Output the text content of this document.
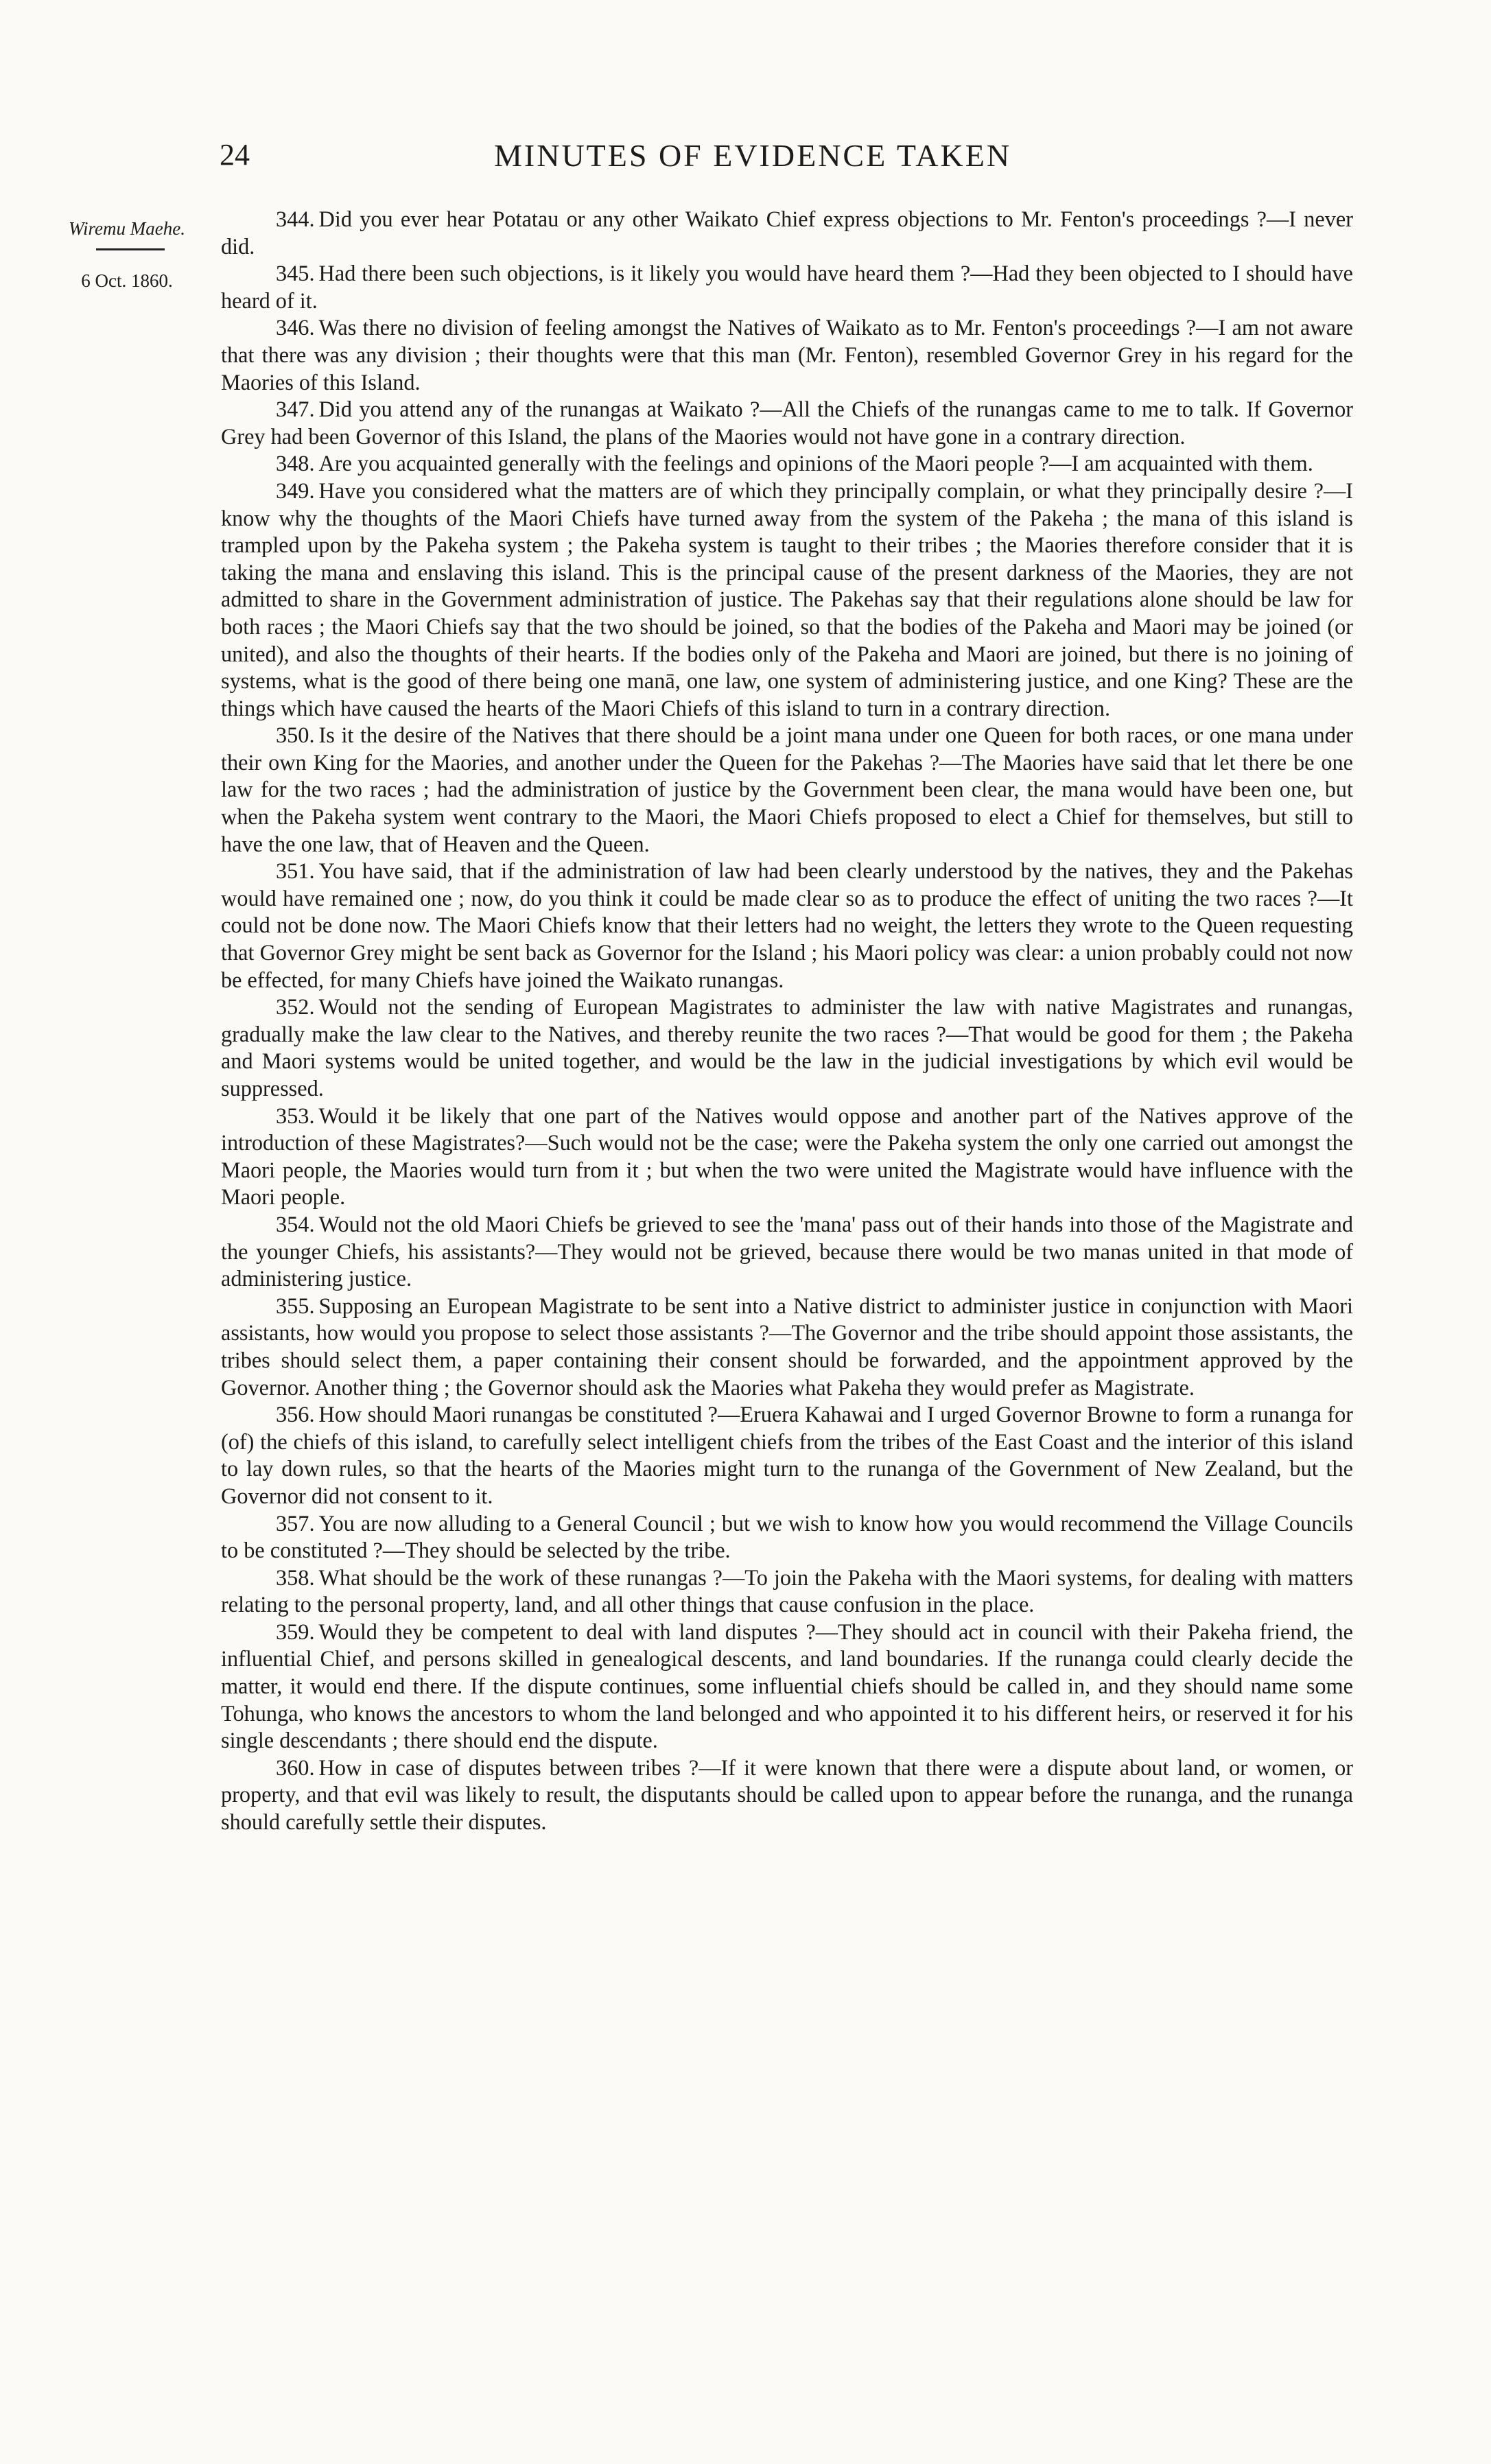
24	MINUTES OF EVIDENCE TAKEN
Wiremu Maehe.
6 Oct. 1860.

344. Did you ever hear Potatau or any other Waikato Chief express objections to Mr. Fenton's proceedings ?—I never did.

345. Had there been such objections, is it likely you would have heard them ?—Had they been objected to I should have heard of it.

346. Was there no division of feeling amongst the Natives of Waikato as to Mr. Fenton's proceedings ?—I am not aware that there was any division ; their thoughts were that this man (Mr. Fenton), resembled Governor Grey in his regard for the Maories of this Island.

347. Did you attend any of the runangas at Waikato ?—All the Chiefs of the runangas came to me to talk. If Governor Grey had been Governor of this Island, the plans of the Maories would not have gone in a contrary direction.

348. Are you acquainted generally with the feelings and opinions of the Maori people ?—I am acquainted with them.

349. Have you considered what the matters are of which they principally complain, or what they principally desire ?—I know why the thoughts of the Maori Chiefs have turned away from the system of the Pakeha ; the mana of this island is trampled upon by the Pakeha system ; the Pakeha system is taught to their tribes ; the Maories therefore consider that it is taking the mana and enslaving this island. This is the principal cause of the present darkness of the Maories, they are not admitted to share in the Government administration of justice. The Pakehas say that their regulations alone should be law for both races ; the Maori Chiefs say that the two should be joined, so that the bodies of the Pakeha and Maori may be joined (or united), and also the thoughts of their hearts. If the bodies only of the Pakeha and Maori are joined, but there is no joining of systems, what is the good of there being one manā, one law, one system of administering justice, and one King? These are the things which have caused the hearts of the Maori Chiefs of this island to turn in a contrary direction.

350. Is it the desire of the Natives that there should be a joint mana under one Queen for both races, or one mana under their own King for the Maories, and another under the Queen for the Pakehas ?—The Maories have said that let there be one law for the two races ; had the administration of justice by the Government been clear, the mana would have been one, but when the Pakeha system went contrary to the Maori, the Maori Chiefs proposed to elect a Chief for themselves, but still to have the one law, that of Heaven and the Queen.

351. You have said, that if the administration of law had been clearly understood by the natives, they and the Pakehas would have remained one ; now, do you think it could be made clear so as to produce the effect of uniting the two races ?—It could not be done now. The Maori Chiefs know that their letters had no weight, the letters they wrote to the Queen requesting that Governor Grey might be sent back as Governor for the Island ; his Maori policy was clear: a union probably could not now be effected, for many Chiefs have joined the Waikato runangas.

352. Would not the sending of European Magistrates to administer the law with native Magistrates and runangas, gradually make the law clear to the Natives, and thereby reunite the two races ?—That would be good for them ; the Pakeha and Maori systems would be united together, and would be the law in the judicial investigations by which evil would be suppressed.

353. Would it be likely that one part of the Natives would oppose and another part of the Natives approve of the introduction of these Magistrates?—Such would not be the case; were the Pakeha system the only one carried out amongst the Maori people, the Maories would turn from it ; but when the two were united the Magistrate would have influence with the Maori people.

354. Would not the old Maori Chiefs be grieved to see the 'mana' pass out of their hands into those of the Magistrate and the younger Chiefs, his assistants?—They would not be grieved, because there would be two manas united in that mode of administering justice.

355. Supposing an European Magistrate to be sent into a Native district to administer justice in conjunction with Maori assistants, how would you propose to select those assistants ?—The Governor and the tribe should appoint those assistants, the tribes should select them, a paper containing their consent should be forwarded, and the appointment approved by the Governor. Another thing ; the Governor should ask the Maories what Pakeha they would prefer as Magistrate.

356. How should Maori runangas be constituted ?—Eruera Kahawai and I urged Governor Browne to form a runanga for (of) the chiefs of this island, to carefully select intelligent chiefs from the tribes of the East Coast and the interior of this island to lay down rules, so that the hearts of the Maories might turn to the runanga of the Government of New Zealand, but the Governor did not consent to it.

357. You are now alluding to a General Council ; but we wish to know how you would recommend the Village Councils to be constituted ?—They should be selected by the tribe.

358. What should be the work of these runangas ?—To join the Pakeha with the Maori systems, for dealing with matters relating to the personal property, land, and all other things that cause confusion in the place.

359. Would they be competent to deal with land disputes ?—They should act in council with their Pakeha friend, the influential Chief, and persons skilled in genealogical descents, and land boundaries. If the runanga could clearly decide the matter, it would end there. If the dispute continues, some influential chiefs should be called in, and they should name some Tohunga, who knows the ancestors to whom the land belonged and who appointed it to his different heirs, or reserved it for his single descendants ; there should end the dispute.

360. How in case of disputes between tribes ?—If it were known that there were a dispute about land, or women, or property, and that evil was likely to result, the disputants should be called upon to appear before the runanga, and the runanga should carefully settle their disputes.
